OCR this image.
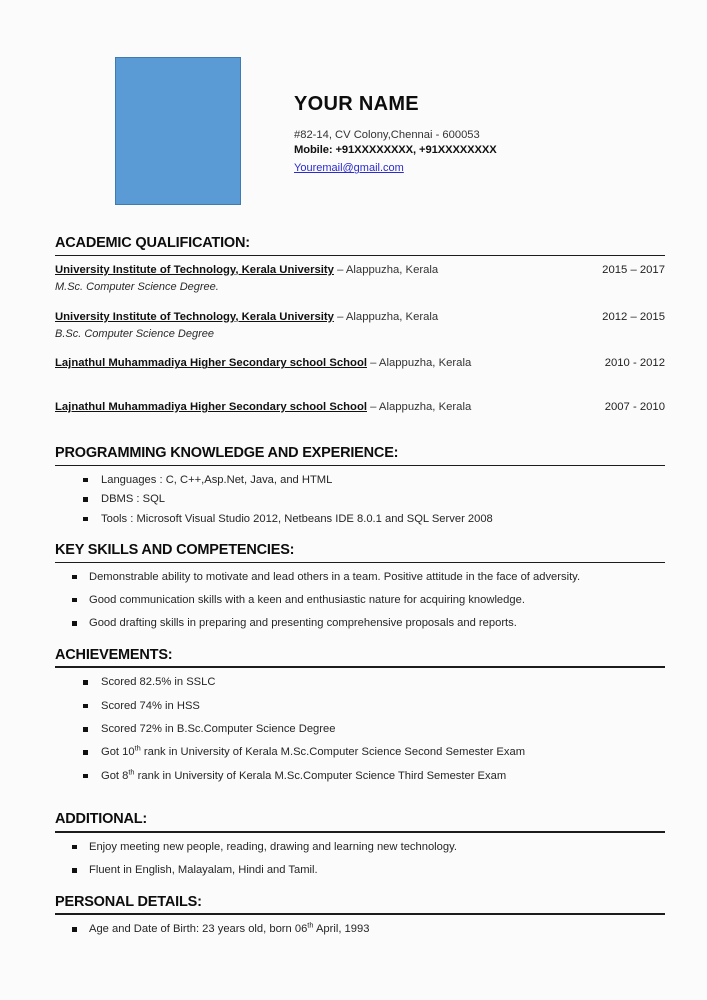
YOUR NAME
#82-14, CV Colony,Chennai - 600053
Mobile: +91XXXXXXXX, +91XXXXXXXX
Youremail@gmail.com
ACADEMIC QUALIFICATION:
University Institute of Technology, Kerala University – Alappuzha, Kerala	2015 – 2017
M.Sc. Computer Science Degree.
University Institute of Technology, Kerala University – Alappuzha, Kerala	2012 – 2015
B.Sc. Computer Science Degree
Lajnathul Muhammadiya Higher Secondary school School – Alappuzha, Kerala	2010 - 2012
Lajnathul Muhammadiya Higher Secondary school School – Alappuzha, Kerala	2007 - 2010
PROGRAMMING KNOWLEDGE AND EXPERIENCE:
Languages : C, C++,Asp.Net, Java, and HTML
DBMS : SQL
Tools : Microsoft Visual Studio 2012, Netbeans IDE 8.0.1 and SQL Server 2008
KEY SKILLS AND COMPETENCIES:
Demonstrable ability to motivate and lead others in a team. Positive attitude in the face of adversity.
Good communication skills with a keen and enthusiastic nature for acquiring knowledge.
Good drafting skills in preparing and presenting comprehensive proposals and reports.
ACHIEVEMENTS:
Scored 82.5% in SSLC
Scored 74% in HSS
Scored 72% in B.Sc.Computer Science Degree
Got 10th rank in University of Kerala M.Sc.Computer Science Second Semester Exam
Got 8th rank in University of Kerala M.Sc.Computer Science Third Semester Exam
ADDITIONAL:
Enjoy meeting new people, reading, drawing and learning new technology.
Fluent in English, Malayalam, Hindi and Tamil.
PERSONAL DETAILS:
Age and Date of Birth: 23 years old, born 06th April, 1993
